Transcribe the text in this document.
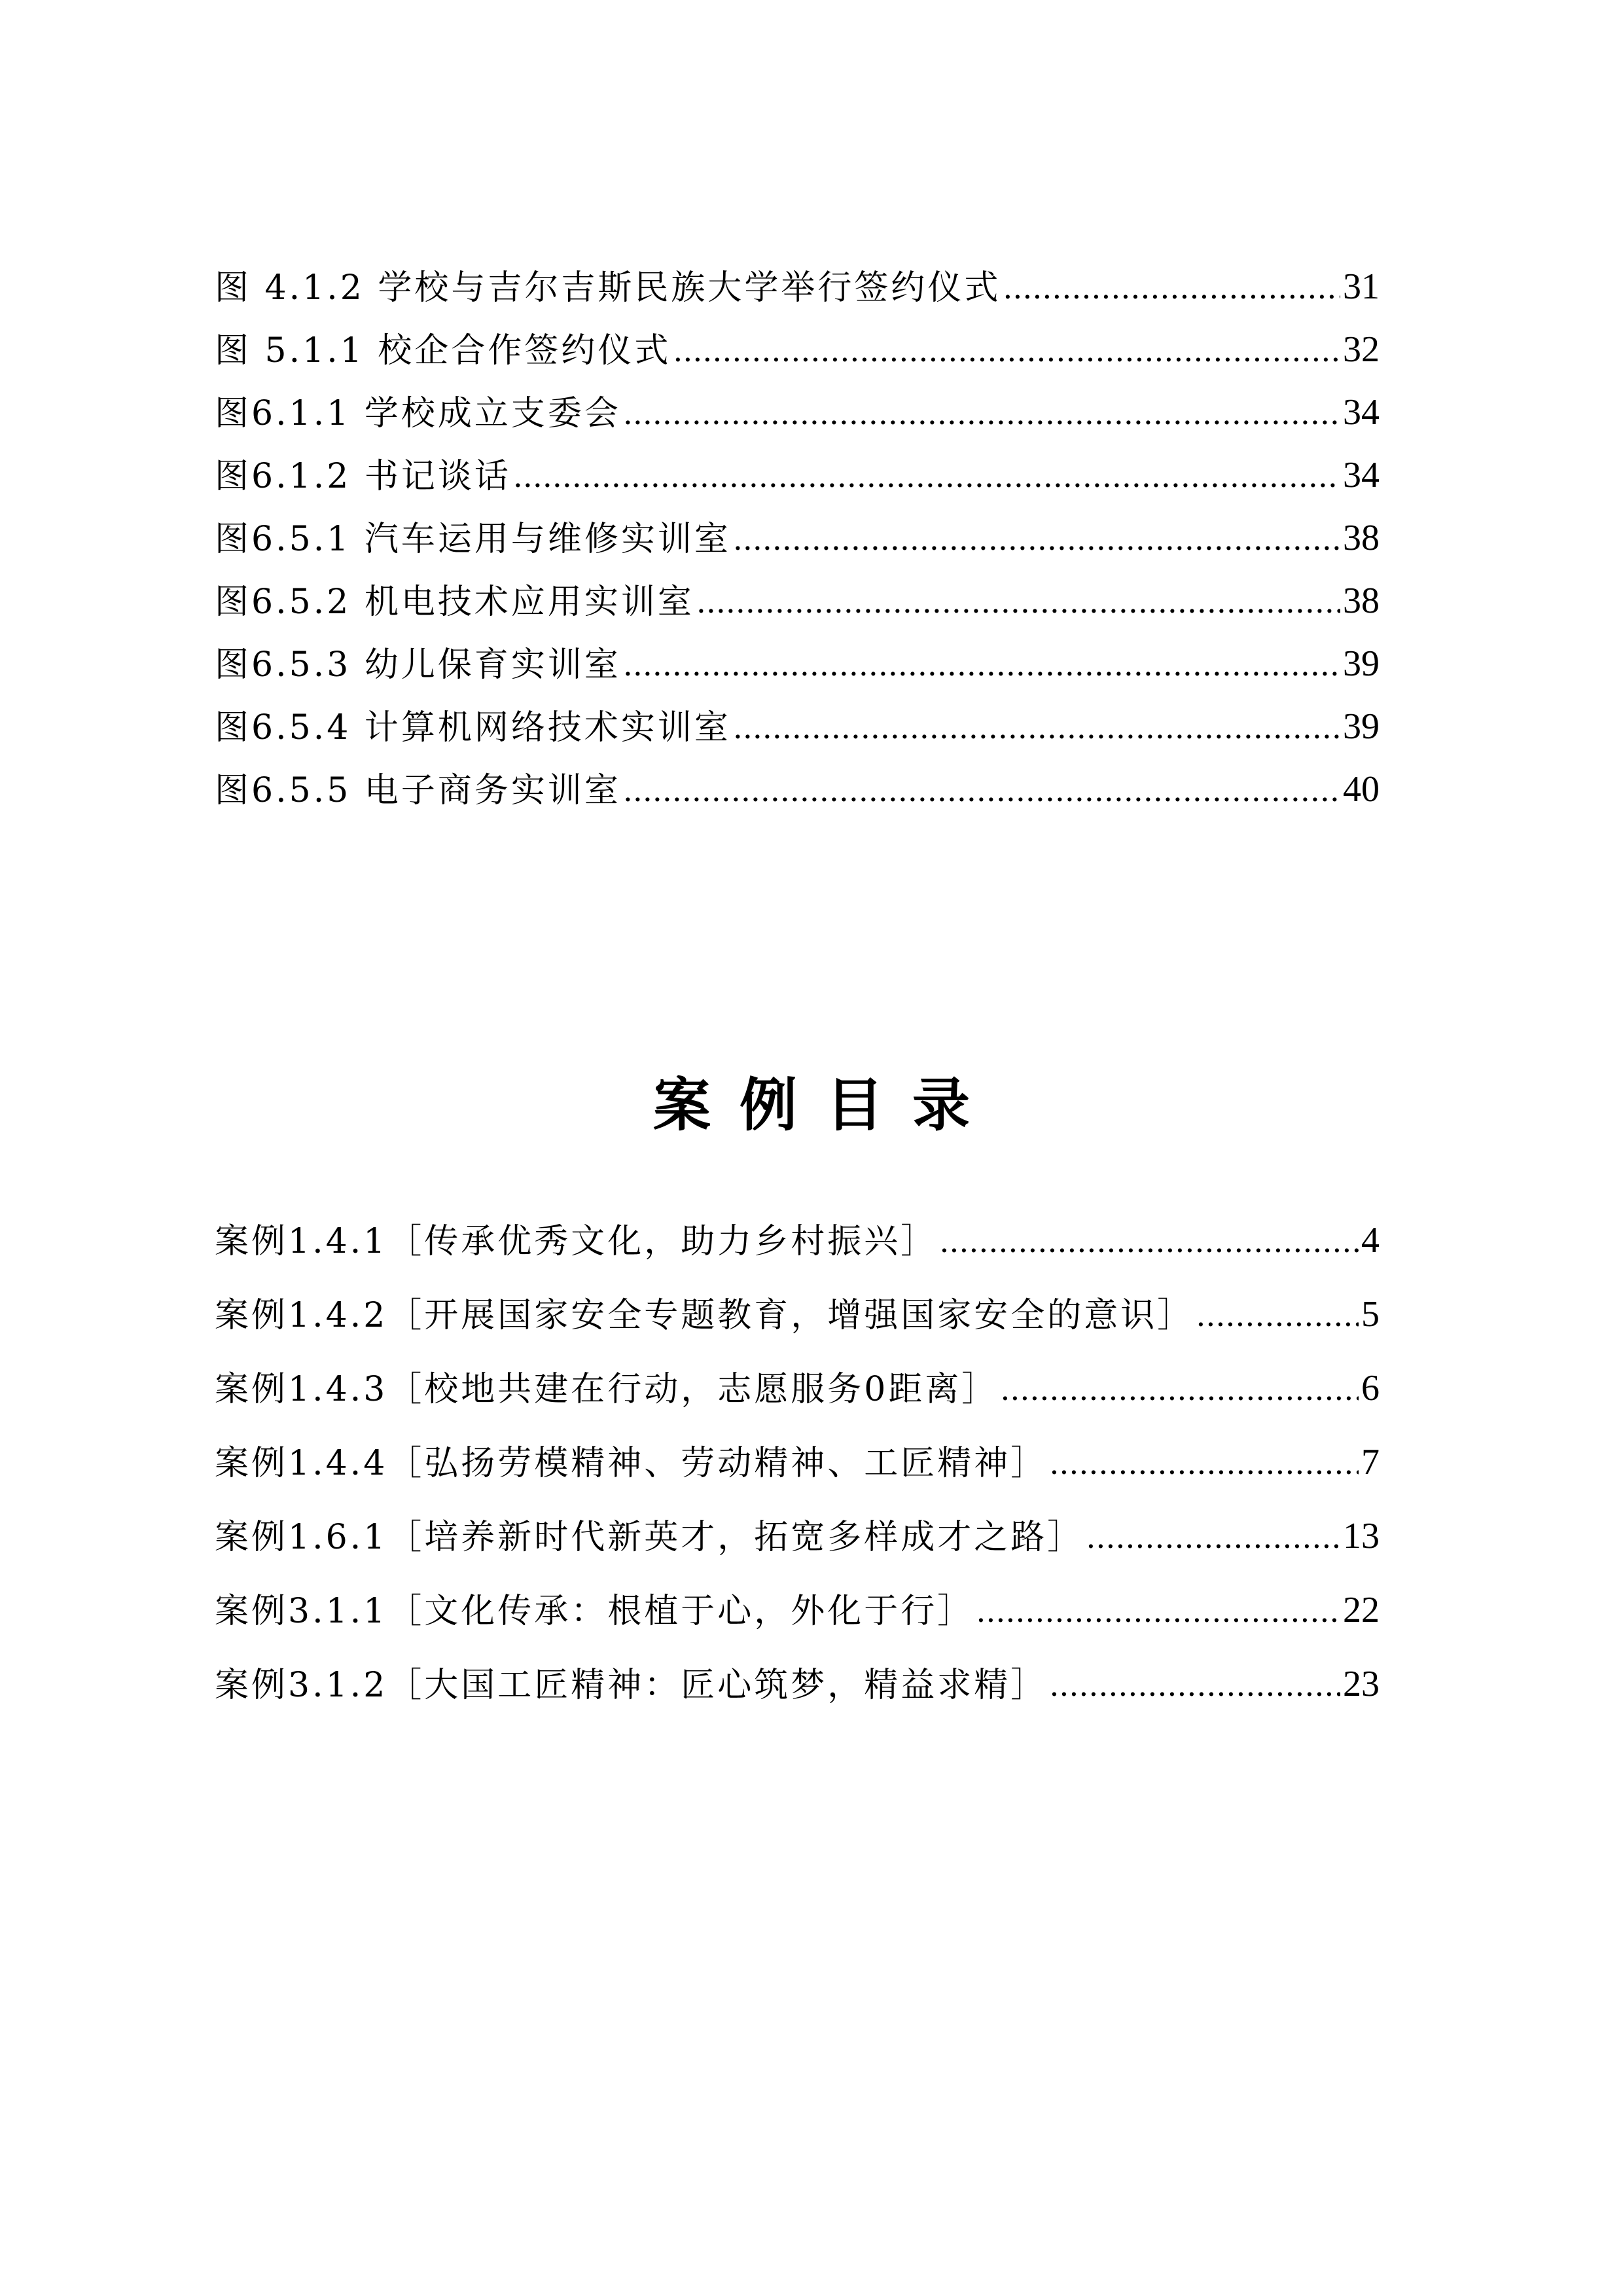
图 4.1.2 学校与吉尔吉斯民族大学举行签约仪式 .....	31
图 5.1.1 校企合作签约仪式 .....	32
图6.1.1 学校成立支委会 .....	34
图6.1.2 书记谈话 .....	34
图6.5.1 汽车运用与维修实训室 .....	38
图6.5.2 机电技术应用实训室 .....	38
图6.5.3 幼儿保育实训室 .....	39
图6.5.4 计算机网络技术实训室 .....	39
图6.5.5 电子商务实训室 .....	40
案例目录
案例1.4.1［传承优秀文化，助力乡村振兴］ .....	4
案例1.4.2［开展国家安全专题教育，增强国家安全的意识］ .....	5
案例1.4.3［校地共建在行动，志愿服务0距离］ .....	6
案例1.4.4［弘扬劳模精神、劳动精神、工匠精神］ .....	7
案例1.6.1［培养新时代新英才，拓宽多样成才之路］ .....	13
案例3.1.1［文化传承：根植于心，外化于行］ .....	22
案例3.1.2［大国工匠精神：匠心筑梦，精益求精］ .....	23
